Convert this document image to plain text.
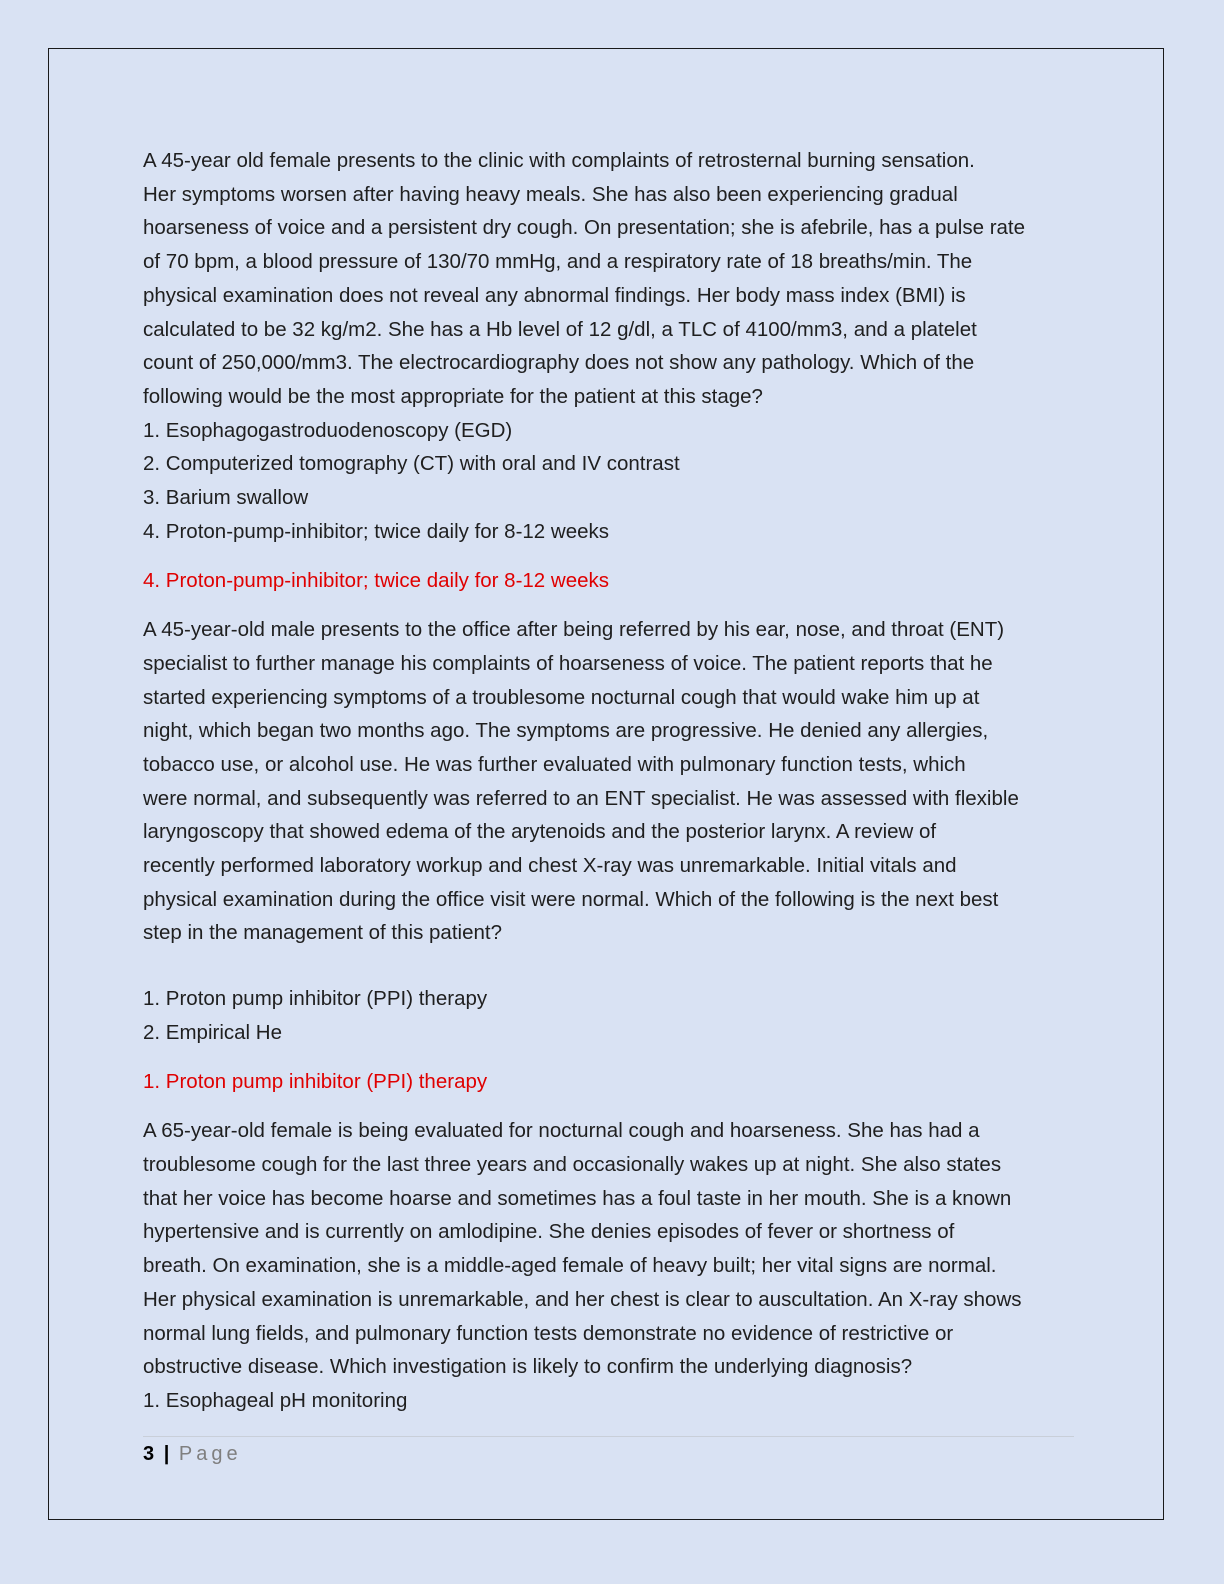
A 45-year old female presents to the clinic with complaints of retrosternal burning sensation.
Her symptoms worsen after having heavy meals. She has also been experiencing gradual
hoarseness of voice and a persistent dry cough. On presentation; she is afebrile, has a pulse rate
of 70 bpm, a blood pressure of 130/70 mmHg, and a respiratory rate of 18 breaths/min. The
physical examination does not reveal any abnormal findings. Her body mass index (BMI) is
calculated to be 32 kg/m2. She has a Hb level of 12 g/dl, a TLC of 4100/mm3, and a platelet
count of 250,000/mm3. The electrocardiography does not show any pathology. Which of the
following would be the most appropriate for the patient at this stage?
1. Esophagogastroduodenoscopy (EGD)
2. Computerized tomography (CT) with oral and IV contrast
3. Barium swallow
4. Proton-pump-inhibitor; twice daily for 8-12 weeks
4. Proton-pump-inhibitor; twice daily for 8-12 weeks
A 45-year-old male presents to the office after being referred by his ear, nose, and throat (ENT)
specialist to further manage his complaints of hoarseness of voice. The patient reports that he
started experiencing symptoms of a troublesome nocturnal cough that would wake him up at
night, which began two months ago. The symptoms are progressive. He denied any allergies,
tobacco use, or alcohol use. He was further evaluated with pulmonary function tests, which
were normal, and subsequently was referred to an ENT specialist. He was assessed with flexible
laryngoscopy that showed edema of the arytenoids and the posterior larynx. A review of
recently performed laboratory workup and chest X-ray was unremarkable. Initial vitals and
physical examination during the office visit were normal. Which of the following is the next best
step in the management of this patient?
1. Proton pump inhibitor (PPI) therapy
2. Empirical He
1. Proton pump inhibitor (PPI) therapy
A 65-year-old female is being evaluated for nocturnal cough and hoarseness. She has had a
troublesome cough for the last three years and occasionally wakes up at night. She also states
that her voice has become hoarse and sometimes has a foul taste in her mouth. She is a known
hypertensive and is currently on amlodipine. She denies episodes of fever or shortness of
breath. On examination, she is a middle-aged female of heavy built; her vital signs are normal.
Her physical examination is unremarkable, and her chest is clear to auscultation. An X-ray shows
normal lung fields, and pulmonary function tests demonstrate no evidence of restrictive or
obstructive disease. Which investigation is likely to confirm the underlying diagnosis?
1. Esophageal pH monitoring
3 | Page
